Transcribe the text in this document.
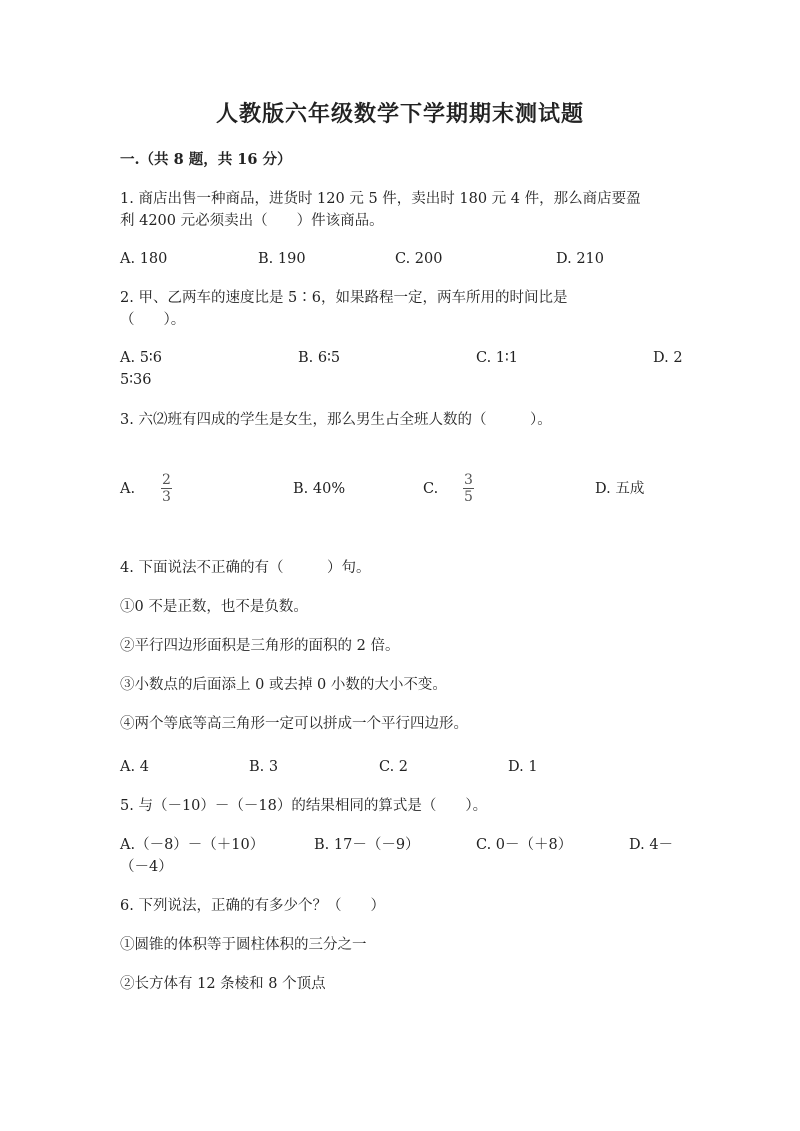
人教版六年级数学下学期期末测试题
一.（共 8 题，共 16 分）
1. 商店出售一种商品，进货时 120 元 5 件，卖出时 180 元 4 件，那么商店要盈
利 4200 元必须卖出（　　）件该商品。
A. 180	B. 190	C. 200	D. 210
2. 甲、乙两车的速度比是 5∶6，如果路程一定，两车所用的时间比是
（　　）。
A. 5∶6	B. 6∶5	C. 1∶1	D. 2
5∶36
3. 六⑵班有四成的学生是女生，那么男生占全班人数的（　　　）。
A.
2
3	B. 40%	C.
3
5	D. 五成
4. 下面说法不正确的有（　　　）句。
①0 不是正数，也不是负数。
②平行四边形面积是三角形的面积的 2 倍。
③小数点的后面添上 0 或去掉 0 小数的大小不变。
④两个等底等高三角形一定可以拼成一个平行四边形。
A. 4	B. 3	C. 2	D. 1
5. 与（－10）－（－18）的结果相同的算式是（　　）。
A.（－8）－（＋10）	B. 17－（－9）	C. 0－（＋8）	D. 4－
（－4）
6. 下列说法，正确的有多少个？（　　）
①圆锥的体积等于圆柱体积的三分之一
②长方体有 12 条棱和 8 个顶点
